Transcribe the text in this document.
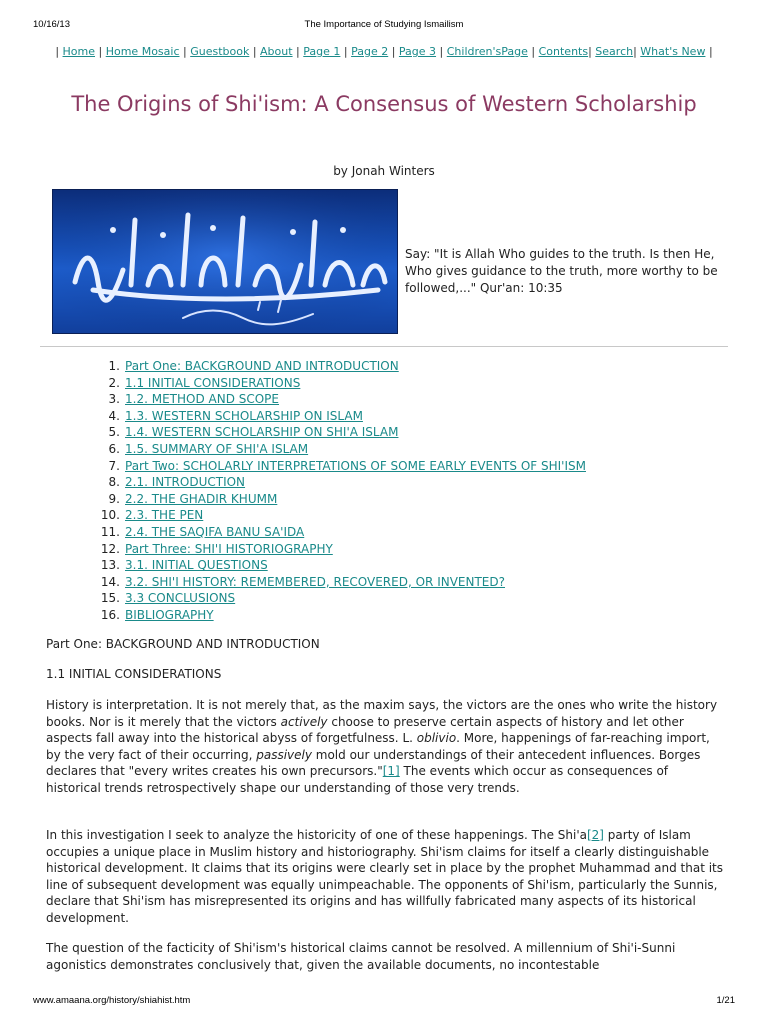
10/16/13	The Importance of Studying Ismailism
| Home | Home Mosaic | Guestbook | About | Page 1 | Page 2 | Page 3 | Children'sPage | Contents| Search| What's New |
The Origins of Shi'ism: A Consensus of Western Scholarship
by Jonah Winters
Say: "It is Allah Who guides to the truth. Is then He, Who gives guidance to the truth, more worthy to be followed,..." Qur'an: 10:35
1. Part One: BACKGROUND AND INTRODUCTION
2. 1.1 INITIAL CONSIDERATIONS
3. 1.2. METHOD AND SCOPE
4. 1.3. WESTERN SCHOLARSHIP ON ISLAM
5. 1.4. WESTERN SCHOLARSHIP ON SHI'A ISLAM
6. 1.5. SUMMARY OF SHI'A ISLAM
7. Part Two: SCHOLARLY INTERPRETATIONS OF SOME EARLY EVENTS OF SHI'ISM
8. 2.1. INTRODUCTION
9. 2.2. THE GHADIR KHUMM
10. 2.3. THE PEN
11. 2.4. THE SAQIFA BANU SA'IDA
12. Part Three: SHI'I HISTORIOGRAPHY
13. 3.1. INITIAL QUESTIONS
14. 3.2. SHI'I HISTORY: REMEMBERED, RECOVERED, OR INVENTED?
15. 3.3 CONCLUSIONS
16. BIBLIOGRAPHY
Part One: BACKGROUND AND INTRODUCTION
1.1 INITIAL CONSIDERATIONS

History is interpretation. It is not merely that, as the maxim says, the victors are the ones who write the history books. Nor is it merely that the victors actively choose to preserve certain aspects of history and let other aspects fall away into the historical abyss of forgetfulness. L. oblivio. More, happenings of far-reaching import, by the very fact of their occurring, passively mold our understandings of their antecedent influences. Borges declares that "every writes creates his own precursors."[1] The events which occur as consequences of historical trends retrospectively shape our understanding of those very trends.

In this investigation I seek to analyze the historicity of one of these happenings. The Shi'a[2] party of Islam occupies a unique place in Muslim history and historiography. Shi'ism claims for itself a clearly distinguishable historical development. It claims that its origins were clearly set in place by the prophet Muhammad and that its line of subsequent development was equally unimpeachable. The opponents of Shi'ism, particularly the Sunnis, declare that Shi'ism has misrepresented its origins and has willfully fabricated many aspects of its historical development.

The question of the facticity of Shi'ism's historical claims cannot be resolved. A millennium of Shi'i-Sunni agonistics demonstrates conclusively that, given the available documents, no incontestable

www.amaana.org/history/shiahist.htm	1/21
